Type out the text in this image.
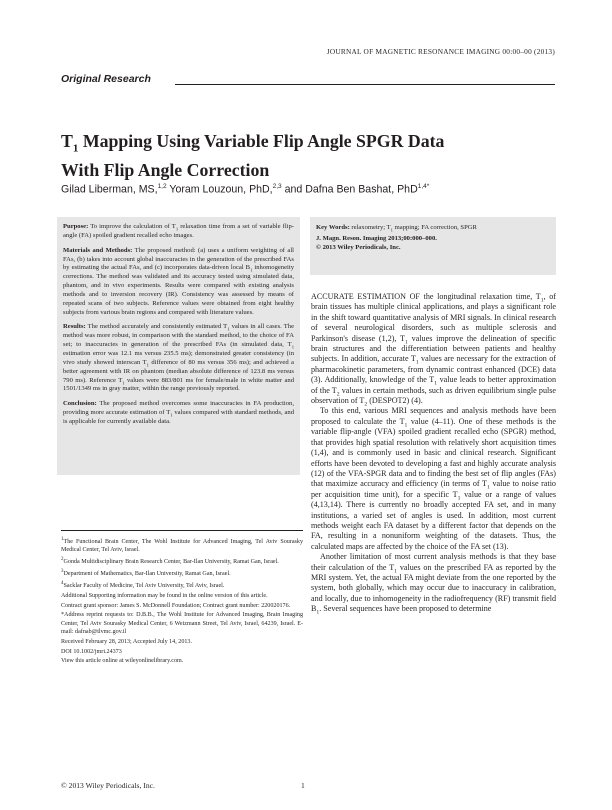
JOURNAL OF MAGNETIC RESONANCE IMAGING 00:00–00 (2013)
Original Research
$T_1$ Mapping Using Variable Flip Angle SPGR Data
With Flip Angle Correction
Gilad Liberman, MS,$^{1,2}$ Yoram Louzoun, PhD,$^{2,3}$ and Dafna Ben Bashat, PhD$^{1,4*}$

Purpose: To improve the calculation of $T_1$ relaxation time from a set of variable flip-angle (FA) spoiled gradient recalled echo images.

Materials and Methods: The proposed method: (a) uses a uniform weighting of all FAs, (b) takes into account global inaccuracies in the generation of the prescribed FAs by estimating the actual FAs, and (c) incorporates data-driven local $B_1$ inhomogeneity corrections. The method was validated and its accuracy tested using simulated data, phantom, and in vivo experiments. Results were compared with existing analysis methods and to inversion recovery (IR). Consistency was assessed by means of repeated scans of two subjects. Reference values were obtained from eight healthy subjects from various brain regions and compared with literature values.

Results: The method accurately and consistently estimated $T_1$ values in all cases. The method was more robust, in comparison with the standard method, to the choice of FA set; to inaccuracies in generation of the prescribed FAs (in simulated data, $T_1$ estimation error was 12.1 ms versus 235.5 ms); demonstrated greater consistency (in vivo study showed interscan $T_1$ difference of 80 ms versus 356 ms); and achieved a better agreement with IR on phantom (median absolute difference of 123.8 ms versus 790 ms). Reference $T_1$ values were 883/801 ms for female/male in white matter and 1501/1349 ms in gray matter, within the range previously reported.

Conclusion: The proposed method overcomes some inaccuracies in FA production, providing more accurate estimation of $T_1$ values compared with standard methods, and is applicable for currently available data.

Key Words: relaxometry; $T_1$ mapping; FA correction, SPGR
J. Magn. Reson. Imaging 2013;00:000–000.
© 2013 Wiley Periodicals, Inc.

ACCURATE ESTIMATION OF the longitudinal relaxation time, $T_1$, of brain tissues has multiple clinical applications, and plays a significant role in the shift toward quantitative analysis of MRI signals. In clinical research of several neurological disorders, such as multiple sclerosis and Parkinson's disease (1,2), $T_1$ values improve the delineation of specific brain structures and the differentiation between patients and healthy subjects. In addition, accurate $T_1$ values are necessary for the extraction of pharmacokinetic parameters, from dynamic contrast enhanced (DCE) data (3). Additionally, knowledge of the $T_1$ value leads to better approximation of the $T_2$ values in certain methods, such as driven equilibrium single pulse observation of $T_2$ (DESPOT2) (4).

To this end, various MRI sequences and analysis methods have been proposed to calculate the $T_1$ value (4–11). One of these methods is the variable flip-angle (VFA) spoiled gradient recalled echo (SPGR) method, that provides high spatial resolution with relatively short acquisition times (1,4), and is commonly used in basic and clinical research. Significant efforts have been devoted to developing a fast and highly accurate analysis (12) of the VFA-SPGR data and to finding the best set of flip angles (FAs) that maximize accuracy and efficiency (in terms of $T_1$ value to noise ratio per acquisition time unit), for a specific $T_1$ value or a range of values (4,13,14). There is currently no broadly accepted FA set, and in many institutions, a varied set of angles is used. In addition, most current methods weight each FA dataset by a different factor that depends on the FA, resulting in a nonuniform weighting of the datasets. Thus, the calculated maps are affected by the choice of the FA set (13).

Another limitation of most current analysis methods is that they base their calculation of the $T_1$ values on the prescribed FA as reported by the MRI system. Yet, the actual FA might deviate from the one reported by the system, both globally, which may occur due to inaccuracy in calibration, and locally, due to inhomogeneity in the radiofrequency (RF) transmit field $B_1$. Several sequences have been proposed to determine

$^1$The Functional Brain Center, The Wohl Institute for Advanced Imaging, Tel Aviv Sourasky Medical Center, Tel Aviv, Israel.
$^2$Gonda Multidisciplinary Brain Research Center, Bar-Ilan University, Ramat Gan, Israel.
$^3$Department of Mathematics, Bar-Ilan University, Ramat Gan, Israel.
$^4$Sacklar Faculty of Medicine, Tel Aviv University, Tel Aviv, Israel.
Additional Supporting information may be found in the online version of this article.
Contract grant sponsor: James S. McDonnell Foundation; Contract grant number: 220020176.
*Address reprint requests to: D.B.B., The Wohl Institute for Advanced Imaging, Brain Imaging Center, Tel Aviv Sourasky Medical Center, 6 Weizmann Street, Tel Aviv, Israel, 64239, Israel. E-mail: dafnab@tlvmc.gov.il
Received February 28, 2013; Accepted July 14, 2013.
DOI 10.1002/jmri.24373
View this article online at wileyonlinelibrary.com.
© 2013 Wiley Periodicals, Inc.	1
